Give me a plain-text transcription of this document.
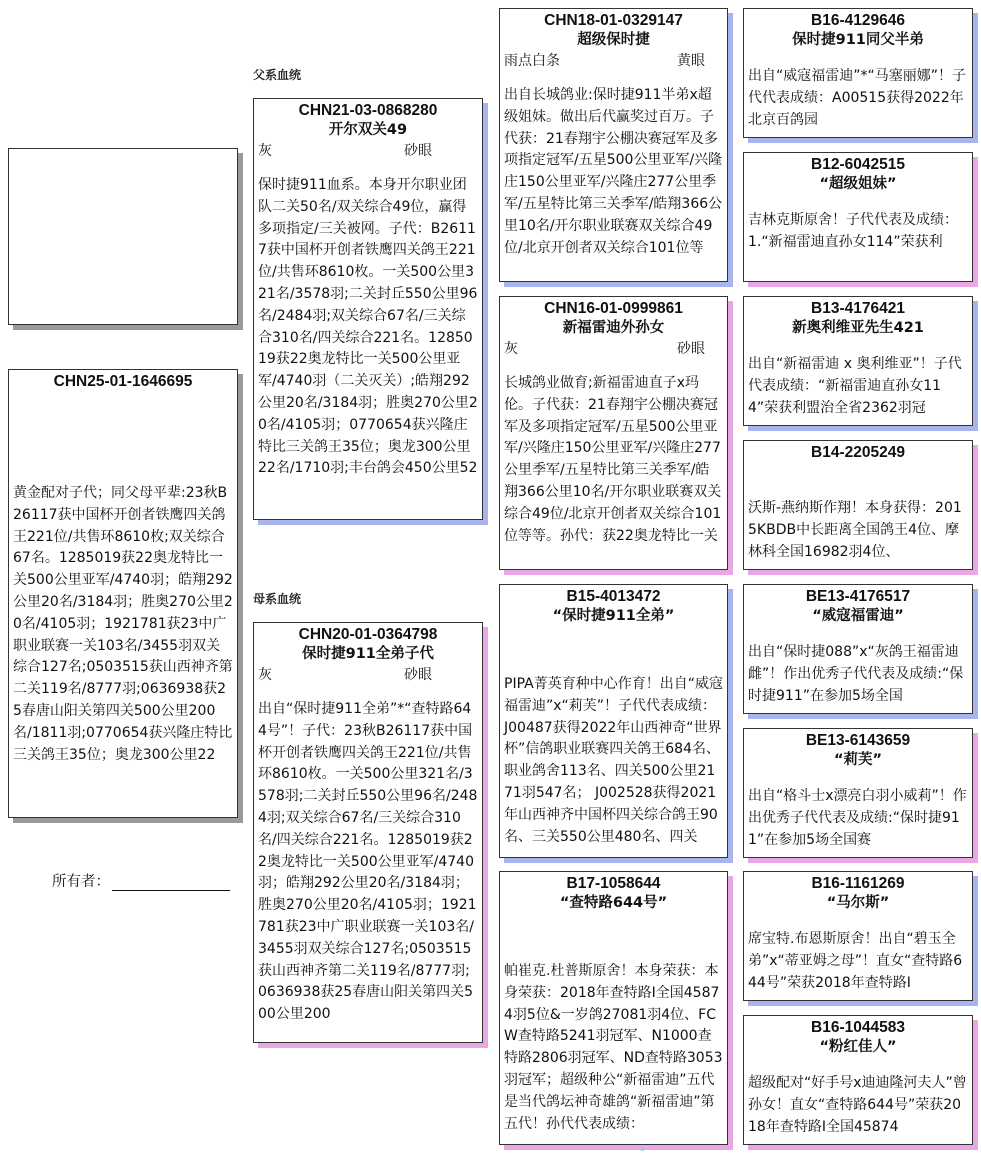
CHN25-01-1646695
黄金配对子代；同父母平辈:23秋B26117获中国杯开创者铁鹰四关鸽王221位/共售环8610枚;双关综合67名。1285019获22奥龙特比一关500公里亚军/4740羽；皓翔292公里20名/3184羽；胜奥270公里20名/4105羽；1921781获23中广职业联赛一关103名/3455羽双关综合127名;0503515获山西神齐第二关119名/8777羽;0636938获25春唐山阳关第四关500公里200名/1811羽;0770654获兴隆庄特比三关鸽王35位；奥龙300公里22
所有者：
父系血统
母系血统
CHN21-03-0868280
开尔双关49
灰	砂眼
保时捷911血系。本身开尔职业团队二关50名/双关综合49位，赢得多项指定/三关被网。子代：B26117获中国杯开创者铁鹰四关鸽王221位/共售环8610枚。一关500公里321名/3578羽;二关封丘550公里96名/2484羽;双关综合67名/三关综合310名/四关综合221名。1285019获22奥龙特比一关500公里亚军/4740羽（二关灭关）;皓翔292公里20名/3184羽；胜奥270公里20名/4105羽；0770654获兴隆庄特比三关鸽王35位；奥龙300公里22名/1710羽;丰台鸽会450公里52
CHN20-01-0364798
保时捷911全弟子代
灰	砂眼
出自“保时捷911全弟”*“查特路644号”！子代：23秋B26117获中国杯开创者铁鹰四关鸽王221位/共售环8610枚。一关500公里321名/3578羽;二关封丘550公里96名/2484羽;双关综合67名/三关综合310名/四关综合221名。1285019获22奥龙特比一关500公里亚军/4740羽；皓翔292公里20名/3184羽；胜奥270公里20名/4105羽；1921781获23中广职业联赛一关103名/3455羽双关综合127名;0503515获山西神齐第二关119名/8777羽;0636938获25春唐山阳关第四关500公里200
CHN18-01-0329147
超级保时捷
雨点白条	黄眼
出自长城鸽业:保时捷911半弟x超级姐妹。做出后代赢奖过百万。子代获：21春翔宇公棚决赛冠军及多项指定冠军/五星500公里亚军/兴隆庄150公里亚军/兴隆庄277公里季军/五星特比第三关季军/皓翔366公里10名/开尔职业联赛双关综合49位/北京开创者双关综合101位等
CHN16-01-0999861
新福雷迪外孙女
灰	砂眼
长城鸽业做育;新福雷迪直子x玛伦。子代获：21春翔宇公棚决赛冠军及多项指定冠军/五星500公里亚军/兴隆庄150公里亚军/兴隆庄277公里季军/五星特比第三关季军/皓翔366公里10名/开尔职业联赛双关综合49位/北京开创者双关综合101位等等。孙代：获22奥龙特比一关
B15-4013472
“保时捷911全弟”
PIPA菁英育种中心作育！出自“威寇福雷迪”x“莉芙”！子代代表成绩： J00487获得2022年山西神奇“世界杯”信鸽职业联赛四关鸽王684名、职业鸽舍113名、四关500公里2171羽547名； J002528获得2021年山西神齐中国杯四关综合鸽王90名、三关550公里480名、四关
B17-1058644
“查特路644号”
帕崔克.杜普斯原舍！本身荣获：本身荣获：2018年查特路I全国45874羽5位&一岁鸽27081羽4位、FCW查特路5241羽冠军、N1000查特路2806羽冠军、ND查特路3053羽冠军；超级种公“新福雷迪”五代是当代鸽坛神奇雄鸽“新福雷迪”第五代！孙代代表成绩：
B16-4129646
保时捷911同父半弟
出自“威寇福雷迪”*“马塞丽娜”！子代代表成绩：A00515获得2022年北京百鸽园
B12-6042515
“超级姐妹”
吉林克斯原舍！子代代表及成绩：1.“新福雷迪直孙女114”荣获利
B13-4176421
新奥利维亚先生421
出自“新福雷迪 x 奥利维亚”！子代代表成绩：“新福雷迪直孙女114”荣获利盟治全省2362羽冠
B14-2205249
沃斯-燕纳斯作翔！本身获得：2015KBDB中长距离全国鸽王4位、摩林科全国16982羽4位、
BE13-4176517
“威寇福雷迪”
出自“保时捷088”x“灰鸽王福雷迪雌”！作出优秀子代代表及成绩:“保时捷911”在参加5场全国
BE13-6143659
“莉芙”
出自“格斗士x漂亮白羽小威莉”！作出优秀子代代表及成绩:“保时捷911”在参加5场全国赛
B16-1161269
“马尔斯”
席宝特.布恩斯原舍！出自“碧玉全弟”x“蒂亚姆之母”！直女“查特路644号”荣获2018年查特路I
B16-1044583
“粉红佳人”
超级配对“好手号x迪迪隆河夫人”曾孙女！直女“查特路644号”荣获2018年查特路I全国45874
